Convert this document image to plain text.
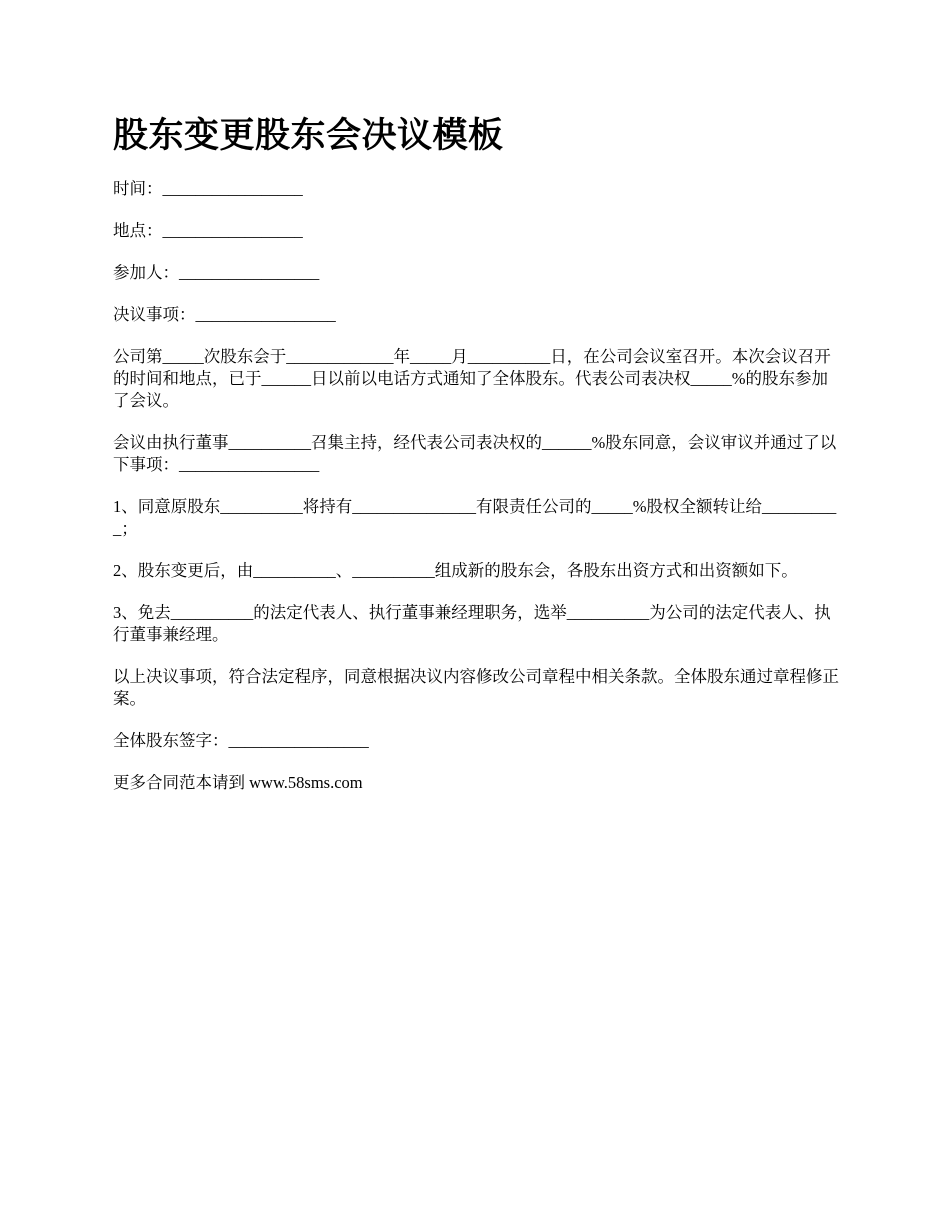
股东变更股东会决议模板

时间：_________________

地点：_________________

参加人：_________________

决议事项：_________________

公司第_____次股东会于_____________年_____月__________日，在公司会议室召开。本次会议召开的时间和地点，已于______日以前以电话方式通知了全体股东。代表公司表决权_____%的股东参加了会议。

会议由执行董事__________召集主持，经代表公司表决权的______%股东同意，会议审议并通过了以下事项：_________________

1、同意原股东__________将持有_______________有限责任公司的_____%股权全额转让给__________；

2、股东变更后，由__________、__________组成新的股东会，各股东出资方式和出资额如下。

3、免去__________的法定代表人、执行董事兼经理职务，选举__________为公司的法定代表人、执行董事兼经理。

以上决议事项，符合法定程序，同意根据决议内容修改公司章程中相关条款。全体股东通过章程修正案。

全体股东签字：_________________

更多合同范本请到 www.58sms.com
